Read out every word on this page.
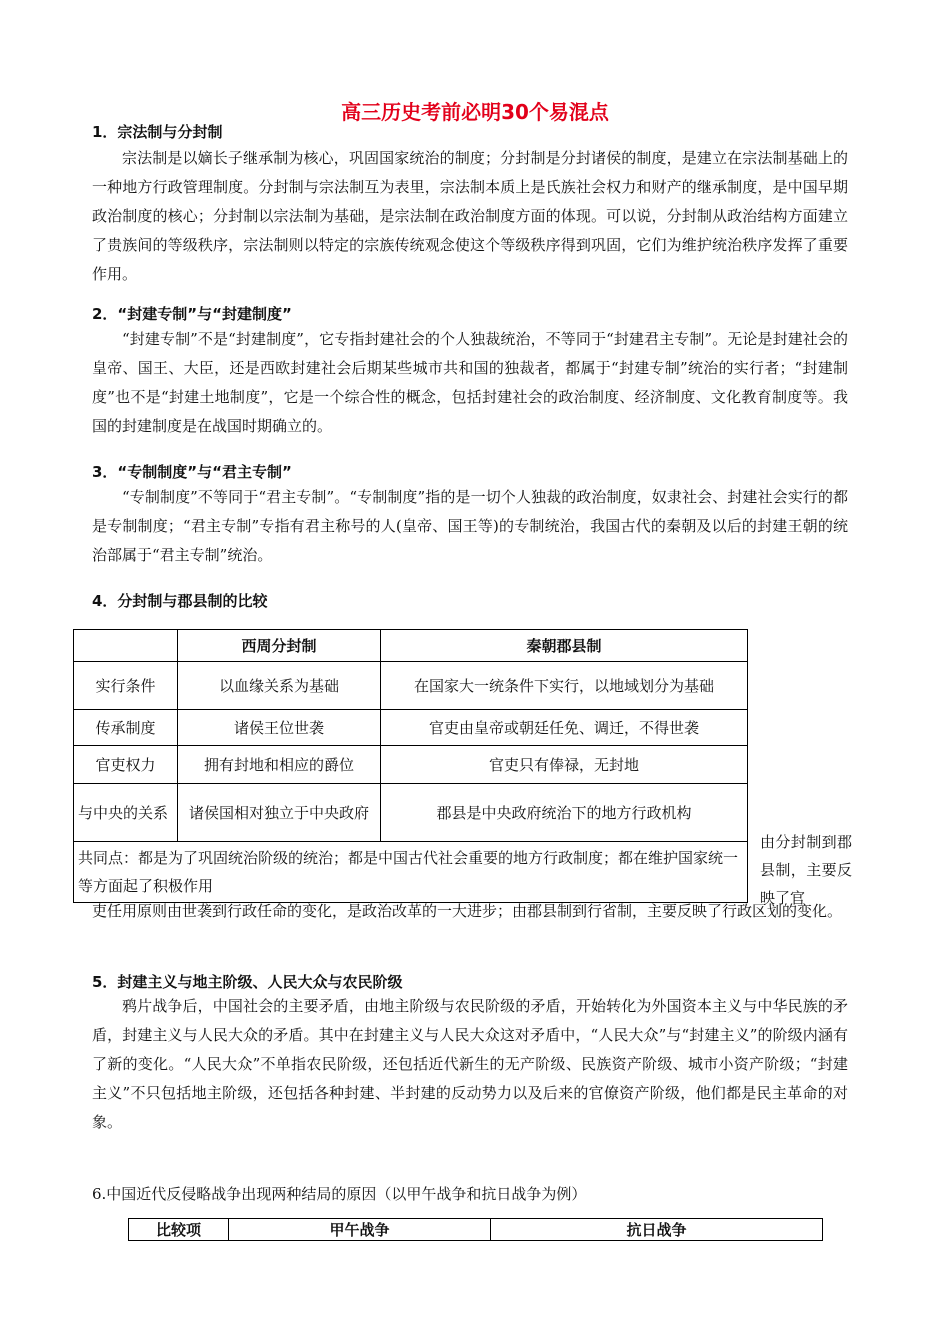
高三历史考前必明30个易混点
1．宗法制与分封制

宗法制是以嫡长子继承制为核心，巩固国家统治的制度；分封制是分封诸侯的制度，是建立在宗法制基础上的一种地方行政管理制度。分封制与宗法制互为表里，宗法制本质上是氏族社会权力和财产的继承制度，是中国早期政治制度的核心；分封制以宗法制为基础，是宗法制在政治制度方面的体现。可以说，分封制从政治结构方面建立了贵族间的等级秩序，宗法制则以特定的宗族传统观念使这个等级秩序得到巩固，它们为维护统治秩序发挥了重要作用。

2．“封建专制”与“封建制度”

“封建专制”不是“封建制度”，它专指封建社会的个人独裁统治，不等同于“封建君主专制”。无论是封建社会的皇帝、国王、大臣，还是西欧封建社会后期某些城市共和国的独裁者，都属于“封建专制”统治的实行者；“封建制度”也不是“封建土地制度”，它是一个综合性的概念，包括封建社会的政治制度、经济制度、文化教育制度等。我国的封建制度是在战国时期确立的。

3．“专制制度”与“君主专制”

“专制制度”不等同于“君主专制”。“专制制度”指的是一切个人独裁的政治制度，奴隶社会、封建社会实行的都是专制制度；“君主专制”专指有君主称号的人(皇帝、国王等)的专制统治，我国古代的秦朝及以后的封建王朝的统治部属于“君主专制”统治。

4．分封制与郡县制的比较
	西周分封制	秦朝郡县制
实行条件	以血缘关系为基础	在国家大一统条件下实行，以地域划分为基础
传承制度	诸侯王位世袭	官吏由皇帝或朝廷任免、调迁，不得世袭
官吏权力	拥有封地和相应的爵位	官吏只有俸禄，无封地
与中央的关系	诸侯国相对独立于中央政府	郡县是中央政府统治下的地方行政机构
共同点：都是为了巩固统治阶级的统治；都是中国古代社会重要的地方行政制度；都在维护国家统一等方面起了积极作用		
由分封制到郡县制，主要反映了官

吏任用原则由世袭到行政任命的变化，是政治改革的一大进步；由郡县制到行省制，主要反映了行政区划的变化。

5．封建主义与地主阶级、人民大众与农民阶级

鸦片战争后，中国社会的主要矛盾，由地主阶级与农民阶级的矛盾，开始转化为外国资本主义与中华民族的矛盾，封建主义与人民大众的矛盾。其中在封建主义与人民大众这对矛盾中，“人民大众”与“封建主义”的阶级内涵有了新的变化。“人民大众”不单指农民阶级，还包括近代新生的无产阶级、民族资产阶级、城市小资产阶级；“封建主义”不只包括地主阶级，还包括各种封建、半封建的反动势力以及后来的官僚资产阶级，他们都是民主革命的对象。

6.中国近代反侵略战争出现两种结局的原因（以甲午战争和抗日战争为例）
比较项	甲午战争	抗日战争
